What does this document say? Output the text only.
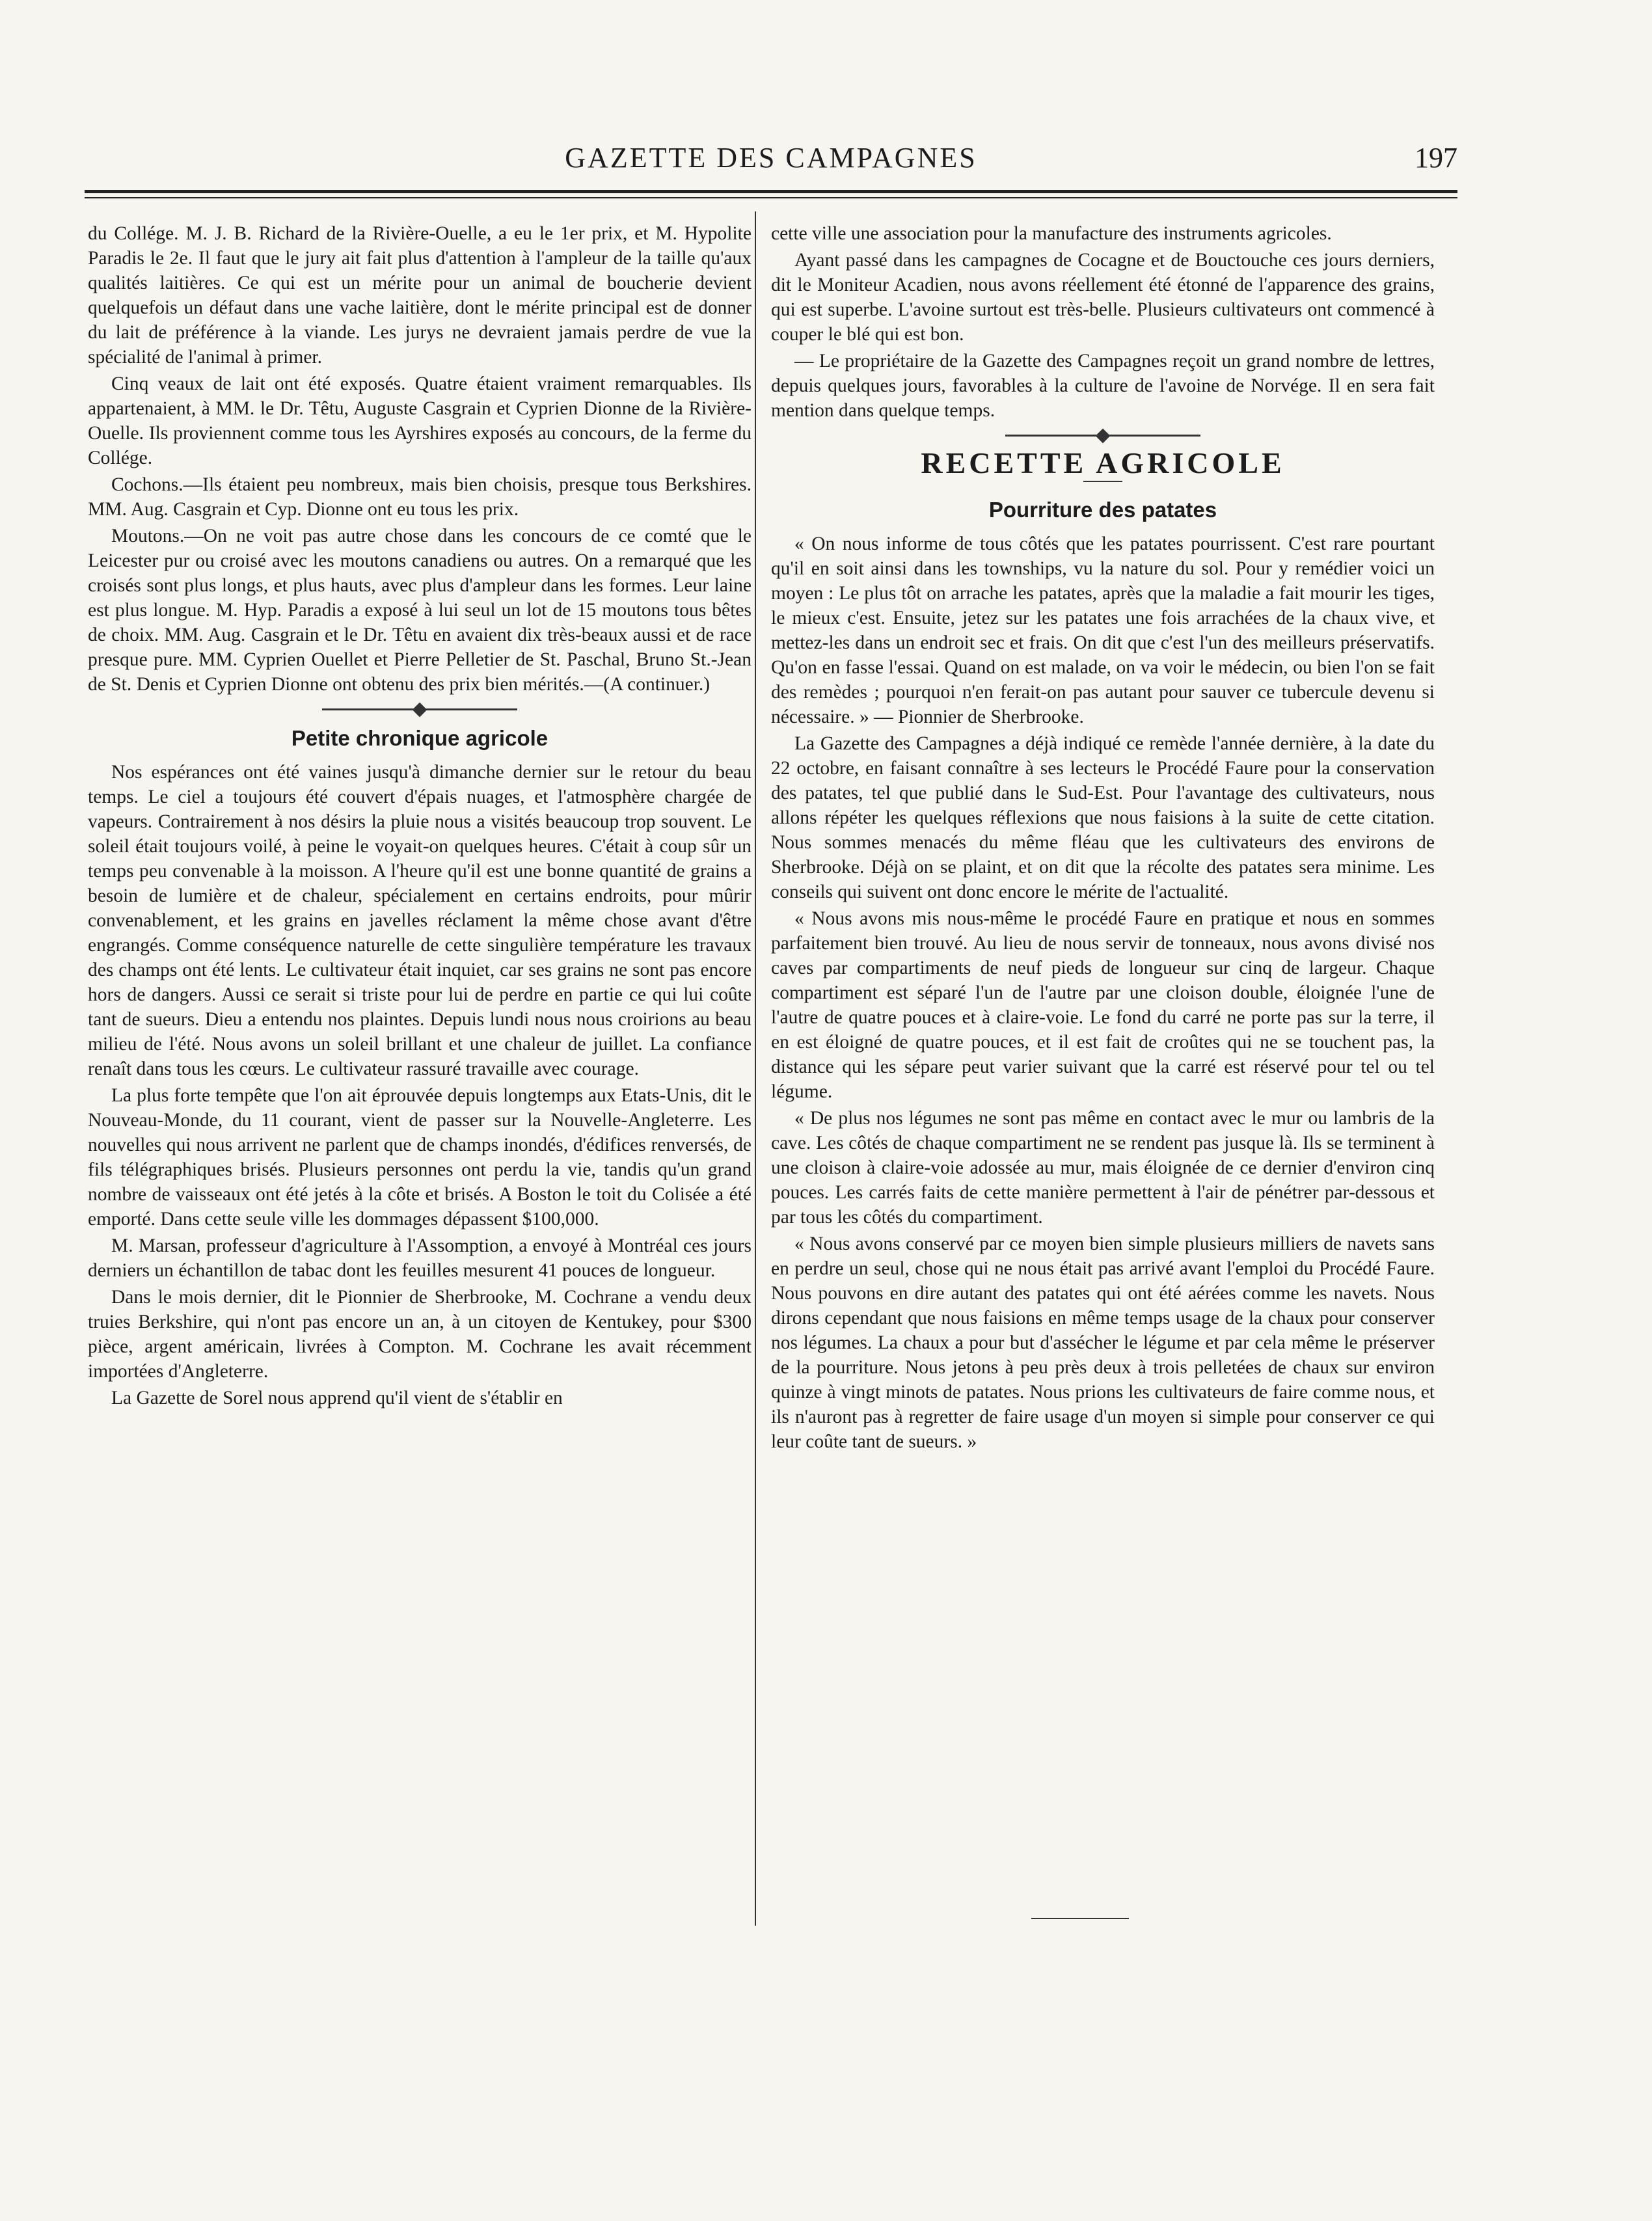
GAZETTE DES CAMPAGNES	197

du Collége. M. J. B. Richard de la Rivière-Ouelle, a eu le 1er prix, et M. Hypolite Paradis le 2e. Il faut que le jury ait fait plus d'attention à l'ampleur de la taille qu'aux qualités laitières. Ce qui est un mérite pour un animal de boucherie devient quelquefois un défaut dans une vache laitière, dont le mérite principal est de donner du lait de préférence à la viande. Les jurys ne devraient jamais perdre de vue la spécialité de l'animal à primer.

Cinq veaux de lait ont été exposés. Quatre étaient vraiment remarquables. Ils appartenaient, à MM. le Dr. Têtu, Auguste Casgrain et Cyprien Dionne de la Rivière-Ouelle. Ils proviennent comme tous les Ayrshires exposés au concours, de la ferme du Collége.

Cochons.—Ils étaient peu nombreux, mais bien choisis, presque tous Berkshires. MM. Aug. Casgrain et Cyp. Dionne ont eu tous les prix.

Moutons.—On ne voit pas autre chose dans les concours de ce comté que le Leicester pur ou croisé avec les moutons canadiens ou autres. On a remarqué que les croisés sont plus longs, et plus hauts, avec plus d'ampleur dans les formes. Leur laine est plus longue. M. Hyp. Paradis a exposé à lui seul un lot de 15 moutons tous bêtes de choix. MM. Aug. Casgrain et le Dr. Têtu en avaient dix très-beaux aussi et de race presque pure. MM. Cyprien Ouellet et Pierre Pelletier de St. Paschal, Bruno St.-Jean de St. Denis et Cyprien Dionne ont obtenu des prix bien mérités.—(A continuer.)

Petite chronique agricole

Nos espérances ont été vaines jusqu'à dimanche dernier sur le retour du beau temps. Le ciel a toujours été couvert d'épais nuages, et l'atmosphère chargée de vapeurs. Contrairement à nos désirs la pluie nous a visités beaucoup trop souvent. Le soleil était toujours voilé, à peine le voyait-on quelques heures. C'était à coup sûr un temps peu convenable à la moisson. A l'heure qu'il est une bonne quantité de grains a besoin de lumière et de chaleur, spécialement en certains endroits, pour mûrir convenablement, et les grains en javelles réclament la même chose avant d'être engrangés. Comme conséquence naturelle de cette singulière température les travaux des champs ont été lents. Le cultivateur était inquiet, car ses grains ne sont pas encore hors de dangers. Aussi ce serait si triste pour lui de perdre en partie ce qui lui coûte tant de sueurs. Dieu a entendu nos plaintes. Depuis lundi nous nous croirions au beau milieu de l'été. Nous avons un soleil brillant et une chaleur de juillet. La confiance renaît dans tous les cœurs. Le cultivateur rassuré travaille avec courage.

La plus forte tempête que l'on ait éprouvée depuis longtemps aux Etats-Unis, dit le Nouveau-Monde, du 11 courant, vient de passer sur la Nouvelle-Angleterre. Les nouvelles qui nous arrivent ne parlent que de champs inondés, d'édifices renversés, de fils télégraphiques brisés. Plusieurs personnes ont perdu la vie, tandis qu'un grand nombre de vaisseaux ont été jetés à la côte et brisés. A Boston le toit du Colisée a été emporté. Dans cette seule ville les dommages dépassent $100,000.

M. Marsan, professeur d'agriculture à l'Assomption, a envoyé à Montréal ces jours derniers un échantillon de tabac dont les feuilles mesurent 41 pouces de longueur.

Dans le mois dernier, dit le Pionnier de Sherbrooke, M. Cochrane a vendu deux truies Berkshire, qui n'ont pas encore un an, à un citoyen de Kentukey, pour $300 pièce, argent américain, livrées à Compton. M. Cochrane les avait récemment importées d'Angleterre.

La Gazette de Sorel nous apprend qu'il vient de s'établir en

cette ville une association pour la manufacture des instruments agricoles.

Ayant passé dans les campagnes de Cocagne et de Bouctouche ces jours derniers, dit le Moniteur Acadien, nous avons réellement été étonné de l'apparence des grains, qui est superbe. L'avoine surtout est très-belle. Plusieurs cultivateurs ont commencé à couper le blé qui est bon.

— Le propriétaire de la Gazette des Campagnes reçoit un grand nombre de lettres, depuis quelques jours, favorables à la culture de l'avoine de Norvége. Il en sera fait mention dans quelque temps.

RECETTE AGRICOLE
Pourriture des patates

« On nous informe de tous côtés que les patates pourrissent. C'est rare pourtant qu'il en soit ainsi dans les townships, vu la nature du sol. Pour y remédier voici un moyen : Le plus tôt on arrache les patates, après que la maladie a fait mourir les tiges, le mieux c'est. Ensuite, jetez sur les patates une fois arrachées de la chaux vive, et mettez-les dans un endroit sec et frais. On dit que c'est l'un des meilleurs préservatifs. Qu'on en fasse l'essai. Quand on est malade, on va voir le médecin, ou bien l'on se fait des remèdes ; pourquoi n'en ferait-on pas autant pour sauver ce tubercule devenu si nécessaire. » — Pionnier de Sherbrooke.

La Gazette des Campagnes a déjà indiqué ce remède l'année dernière, à la date du 22 octobre, en faisant connaître à ses lecteurs le Procédé Faure pour la conservation des patates, tel que publié dans le Sud-Est. Pour l'avantage des cultivateurs, nous allons répéter les quelques réflexions que nous faisions à la suite de cette citation. Nous sommes menacés du même fléau que les cultivateurs des environs de Sherbrooke. Déjà on se plaint, et on dit que la récolte des patates sera minime. Les conseils qui suivent ont donc encore le mérite de l'actualité.

« Nous avons mis nous-même le procédé Faure en pratique et nous en sommes parfaitement bien trouvé. Au lieu de nous servir de tonneaux, nous avons divisé nos caves par compartiments de neuf pieds de longueur sur cinq de largeur. Chaque compartiment est séparé l'un de l'autre par une cloison double, éloignée l'une de l'autre de quatre pouces et à claire-voie. Le fond du carré ne porte pas sur la terre, il en est éloigné de quatre pouces, et il est fait de croûtes qui ne se touchent pas, la distance qui les sépare peut varier suivant que la carré est réservé pour tel ou tel légume.

« De plus nos légumes ne sont pas même en contact avec le mur ou lambris de la cave. Les côtés de chaque compartiment ne se rendent pas jusque là. Ils se terminent à une cloison à claire-voie adossée au mur, mais éloignée de ce dernier d'environ cinq pouces. Les carrés faits de cette manière permettent à l'air de pénétrer par-dessous et par tous les côtés du compartiment.

« Nous avons conservé par ce moyen bien simple plusieurs milliers de navets sans en perdre un seul, chose qui ne nous était pas arrivé avant l'emploi du Procédé Faure. Nous pouvons en dire autant des patates qui ont été aérées comme les navets. Nous dirons cependant que nous faisions en même temps usage de la chaux pour conserver nos légumes. La chaux a pour but d'assécher le légume et par cela même le préserver de la pourriture. Nous jetons à peu près deux à trois pelletées de chaux sur environ quinze à vingt minots de patates. Nous prions les cultivateurs de faire comme nous, et ils n'auront pas à regretter de faire usage d'un moyen si simple pour conserver ce qui leur coûte tant de sueurs. »
